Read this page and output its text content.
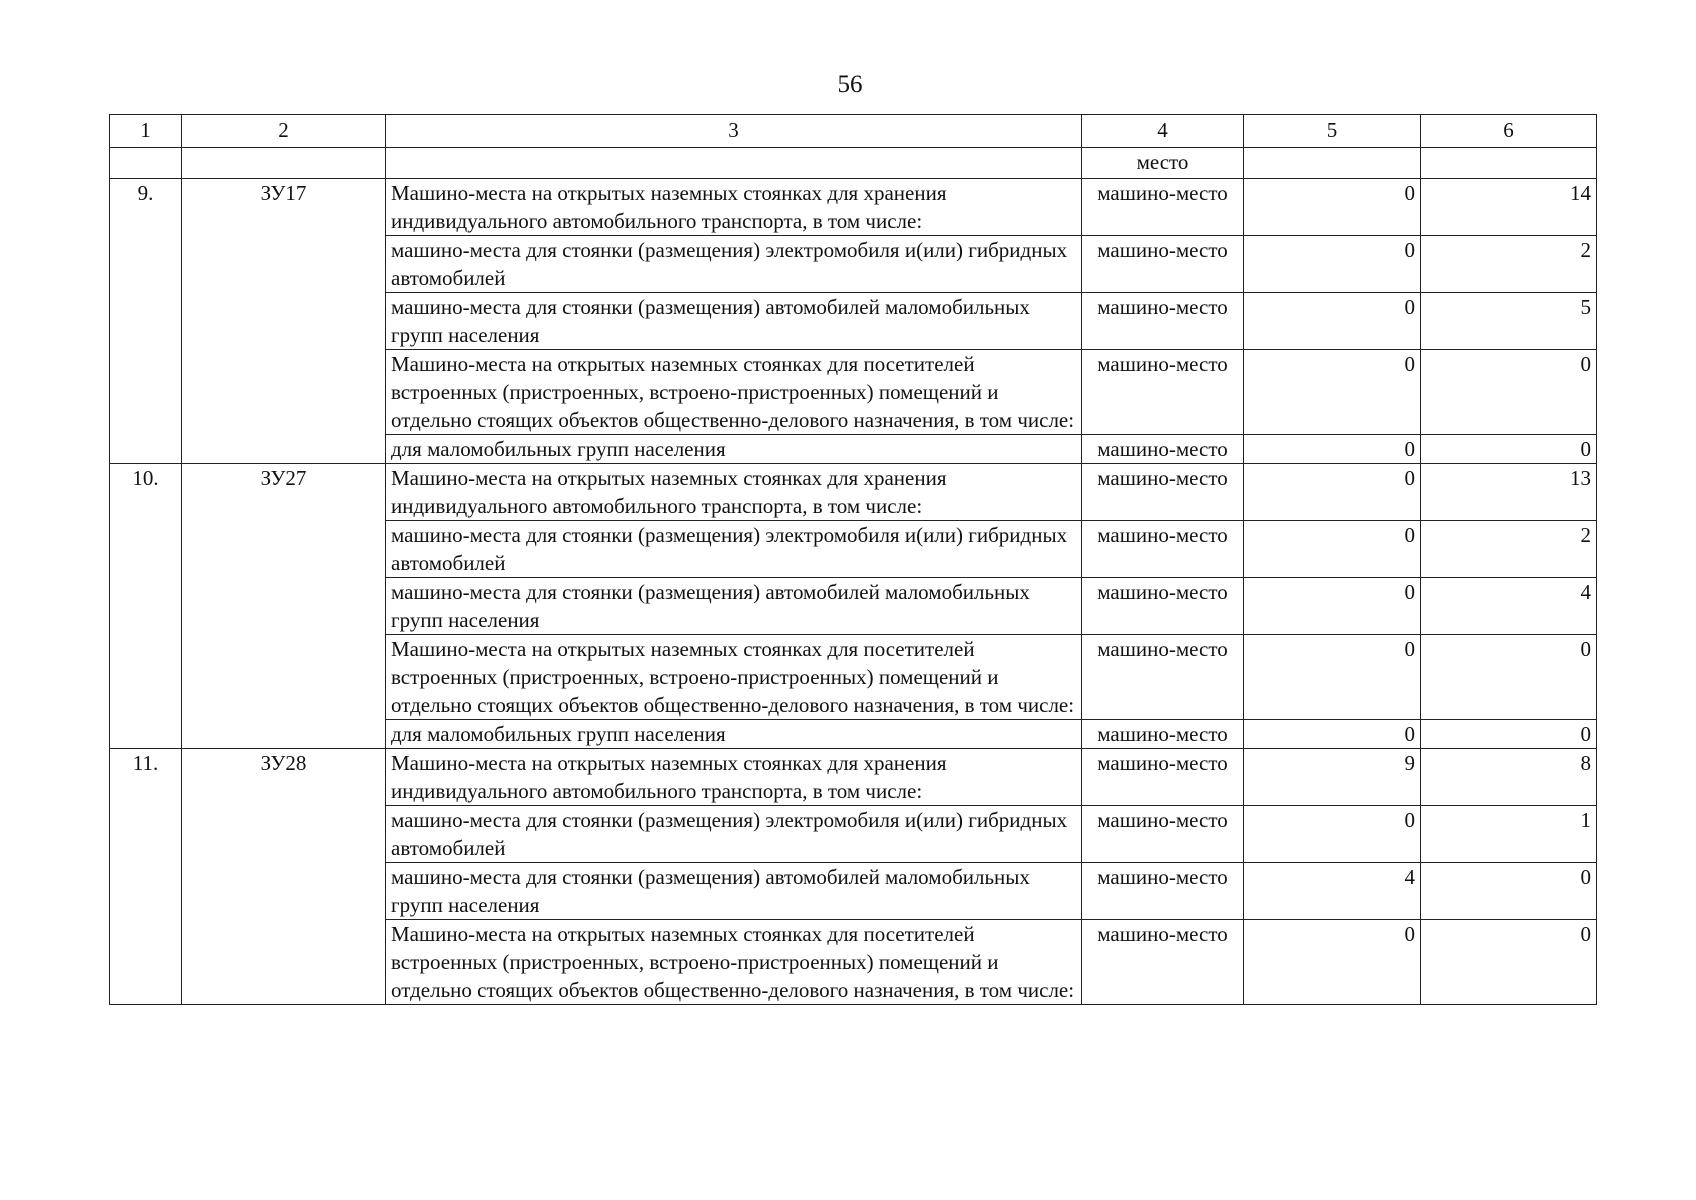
56
1	2	3	4	5	6
			место		
9.	ЗУ17	Машино-места на открытых наземных стоянках для хранения индивидуального автомобильного транспорта, в том числе:	машино-место	0	14
		машино-места для стоянки (размещения) электромобиля и(или) гибридных автомобилей	машино-место	0	2
		машино-места для стоянки (размещения) автомобилей маломобильных групп населения	машино-место	0	5
		Машино-места на открытых наземных стоянках для посетителей встроенных (пристроенных, встроено-пристроенных) помещений и отдельно стоящих объектов общественно-делового назначения, в том числе:	машино-место	0	0
		для маломобильных групп населения	машино-место	0	0
10.	ЗУ27	Машино-места на открытых наземных стоянках для хранения индивидуального автомобильного транспорта, в том числе:	машино-место	0	13
		машино-места для стоянки (размещения) электромобиля и(или) гибридных автомобилей	машино-место	0	2
		машино-места для стоянки (размещения) автомобилей маломобильных групп населения	машино-место	0	4
		Машино-места на открытых наземных стоянках для посетителей встроенных (пристроенных, встроено-пристроенных) помещений и отдельно стоящих объектов общественно-делового назначения, в том числе:	машино-место	0	0
		для маломобильных групп населения	машино-место	0	0
11.	ЗУ28	Машино-места на открытых наземных стоянках для хранения индивидуального автомобильного транспорта, в том числе:	машино-место	9	8
		машино-места для стоянки (размещения) электромобиля и(или) гибридных автомобилей	машино-место	0	1
		машино-места для стоянки (размещения) автомобилей маломобильных групп населения	машино-место	4	0
		Машино-места на открытых наземных стоянках для посетителей встроенных (пристроенных, встроено-пристроенных) помещений и отдельно стоящих объектов общественно-делового назначения, в том числе:	машино-место	0	0
